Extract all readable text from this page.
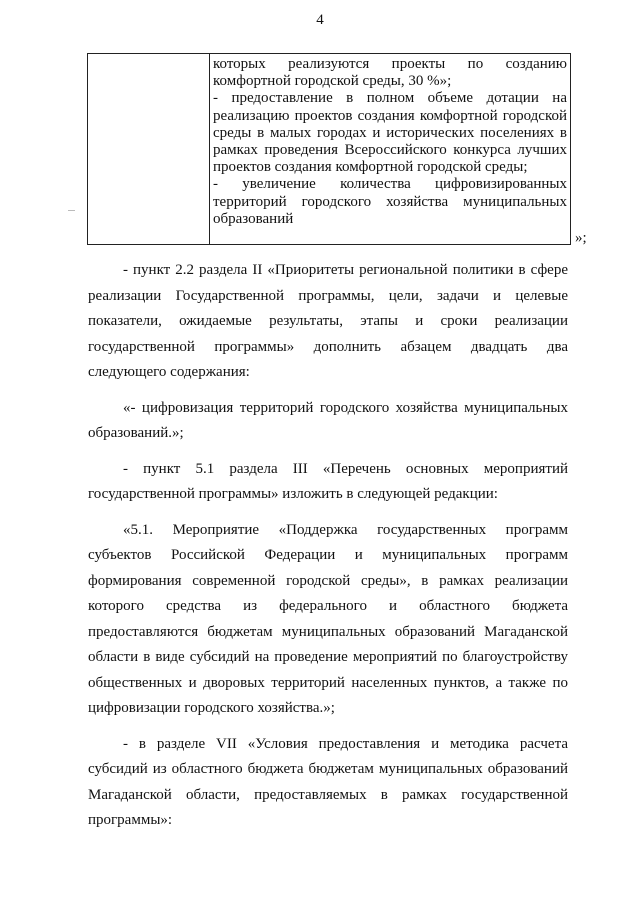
4

которых реализуются проекты по созданию комфортной городской среды, 30 %»;

- предоставление в полном объеме дотации на реализацию проектов создания комфортной городской среды в малых городах и исторических поселениях в рамках проведения Всероссийского конкурса лучших проектов создания комфортной городской среды;

- увеличение количества цифровизированных территорий городского хозяйства муниципальных образований

»;

- пункт 2.2 раздела II «Приоритеты региональной политики в сфере реализации Государственной программы, цели, задачи и целевые показатели, ожидаемые результаты, этапы и сроки реализации государственной программы» дополнить абзацем двадцать два следующего содержания:

«- цифровизация территорий городского хозяйства муниципальных образований.»;

- пункт 5.1 раздела III «Перечень основных мероприятий государственной программы» изложить в следующей редакции:

«5.1. Мероприятие «Поддержка государственных программ субъектов Российской Федерации и муниципальных программ формирования современной городской среды», в рамках реализации которого средства из федерального и областного бюджета предоставляются бюджетам муниципальных образований Магаданской области в виде субсидий на проведение мероприятий по благоустройству общественных и дворовых территорий населенных пунктов, а также по цифровизации городского хозяйства.»;

- в разделе VII «Условия предоставления и методика расчета субсидий из областного бюджета бюджетам муниципальных образований Магаданской области, предоставляемых в рамках государственной программы»:
